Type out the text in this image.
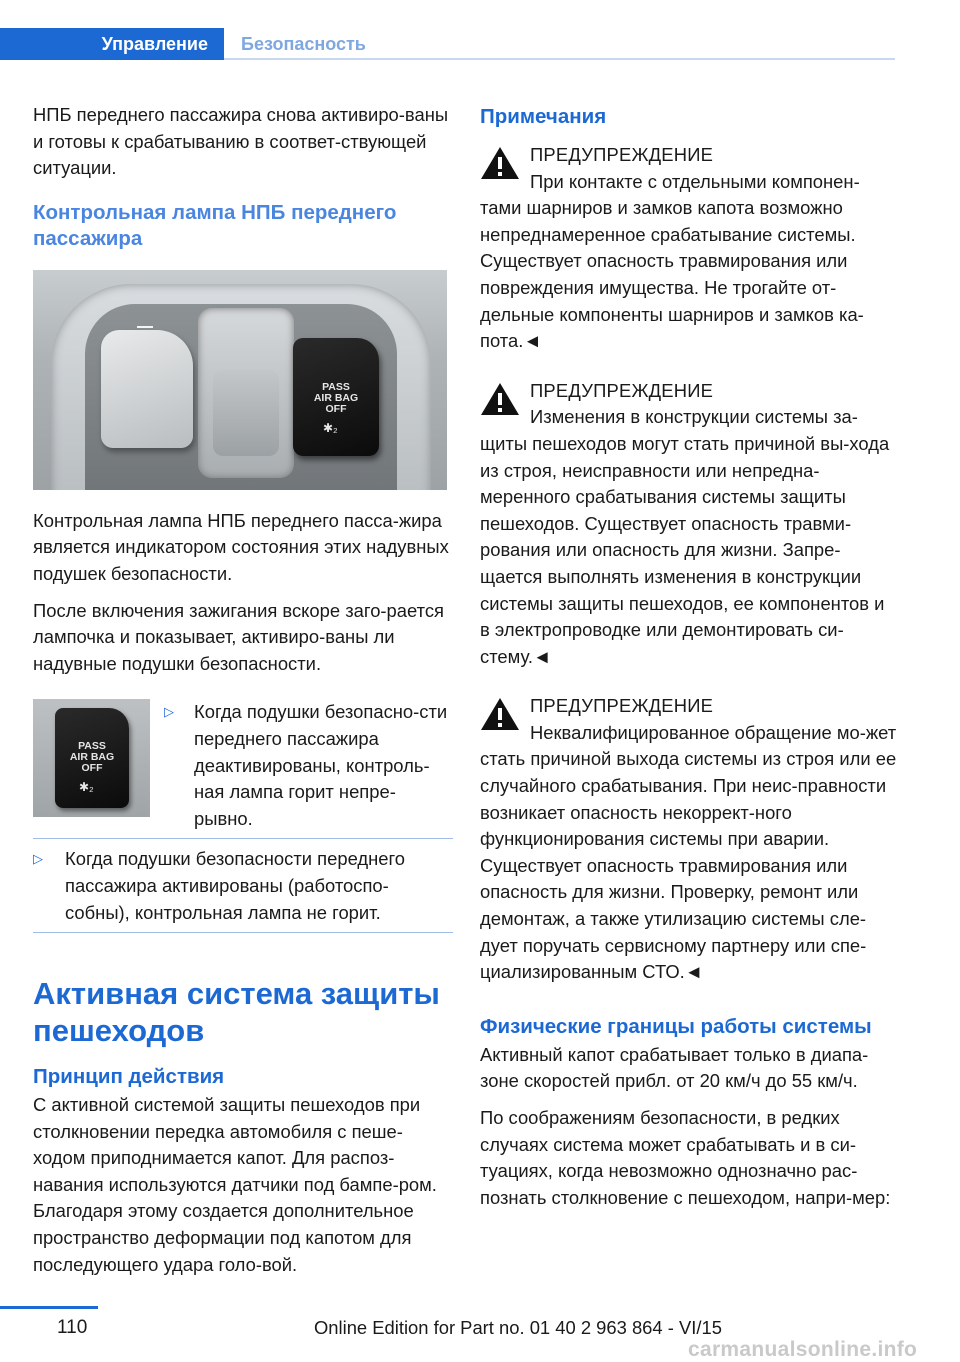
Управление	Безопасность

НПБ переднего пассажира снова активиро-ваны и готовы к срабатыванию в соответ-ствующей ситуации.

Контрольная лампа НПБ переднего пассажира

PASS
AIR BAG
OFF
✱₂

Контрольная лампа НПБ переднего пасса-жира является индикатором состояния этих надувных подушек безопасности.

После включения зажигания вскоре заго-рается лампочка и показывает, активиро-ваны ли надувные подушки безопасности.

PASS
AIR BAG
OFF
✱₂
▷	Когда подушки безопасно-сти переднего пассажира деактивированы, контроль-ная лампа горит непре-рывно.
▷	Когда подушки безопасности переднего пассажира активированы (работоспо-собны), контрольная лампа не горит.

Активная система защиты пешеходов

Принцип действия

С активной системой защиты пешеходов при столкновении передка автомобиля с пеше-ходом приподнимается капот. Для распоз-навания используются датчики под бампе-ром. Благодаря этому создается дополнительное пространство деформации под капотом для последующего удара голо-вой.

Примечания

ПРЕДУПРЕЖДЕНИЕ

При контакте с отдельными компонен-тами шарниров и замков капота возможно непреднамеренное срабатывание системы. Существует опасность травмирования или повреждения имущества. Не трогайте от-дельные компоненты шарниров и замков ка-пота.◄

ПРЕДУПРЕЖДЕНИЕ

Изменения в конструкции системы за-щиты пешеходов могут стать причиной вы-хода из строя, неисправности или непредна-меренного срабатывания системы защиты пешеходов. Существует опасность травми-рования или опасность для жизни. Запре-щается выполнять изменения в конструкции системы защиты пешеходов, ее компонентов и в электропроводке или демонтировать си-стему.◄

ПРЕДУПРЕЖДЕНИЕ

Неквалифицированное обращение мо-жет стать причиной выхода системы из строя или ее случайного срабатывания. При неис-правности возникает опасность некоррект-ного функционирования системы при аварии. Существует опасность травмирования или опасность для жизни. Проверку, ремонт или демонтаж, а также утилизацию системы сле-дует поручать сервисному партнеру или спе-циализированным СТО.◄

Физические границы работы системы

Активный капот срабатывает только в диапа-зоне скоростей прибл. от 20 км/ч до 55 км/ч.

По соображениям безопасности, в редких случаях система может срабатывать и в си-туациях, когда невозможно однозначно рас-познать столкновение с пешеходом, напри-мер:

110	Online Edition for Part no. 01 40 2 963 864 - VI/15
carmanualsonline.info
